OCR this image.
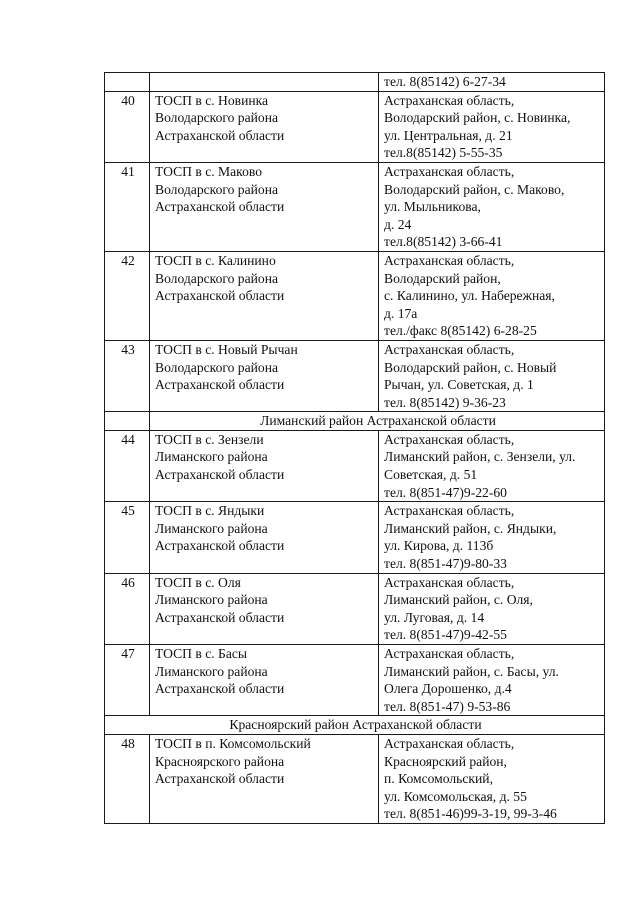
		тел. 8(85142) 6-27-34
40	ТОСП в с. Новинка
Володарского района
Астраханской области	Астраханская область,
Володарский район, с. Новинка,
ул. Центральная, д. 21
тел.8(85142) 5-55-35
41	ТОСП в с. Маково
Володарского района
Астраханской области	Астраханская область,
Володарский район, с. Маково,
ул. Мыльникова,
д. 24
тел.8(85142) 3-66-41
42	ТОСП в с. Калинино
Володарского района
Астраханской области	Астраханская область,
Володарский район,
с. Калинино, ул. Набережная,
д. 17а
тел./факс 8(85142) 6-28-25
43	ТОСП в с. Новый Рычан
Володарского района
Астраханской области	Астраханская область,
Володарский район, с. Новый
Рычан, ул. Советская, д. 1
тел. 8(85142) 9-36-23
	Лиманский район Астраханской области	
44	ТОСП в с. Зензели
Лиманского района
Астраханской области	Астраханская область,
Лиманский район, с. Зензели, ул.
Советская, д. 51
тел. 8(851-47)9-22-60
45	ТОСП в с. Яндыки
Лиманского района
Астраханской области	Астраханская область,
Лиманский район, с. Яндыки,
ул. Кирова, д. 113б
тел. 8(851-47)9-80-33
46	ТОСП в с. Оля
Лиманского района
Астраханской области	Астраханская область,
Лиманский район, с. Оля,
ул. Луговая, д. 14
тел. 8(851-47)9-42-55
47	ТОСП в с. Басы
Лиманского района
Астраханской области	Астраханская область,
Лиманский район, с. Басы, ул.
Олега Дорошенко, д.4
тел. 8(851-47) 9-53-86
Красноярский район Астраханской области		
48	ТОСП в п. Комсомольский
Красноярского района
Астраханской области	Астраханская область,
Красноярский район,
п. Комсомольский,
ул. Комсомольская, д. 55
тел. 8(851-46)99-3-19, 99-3-46
